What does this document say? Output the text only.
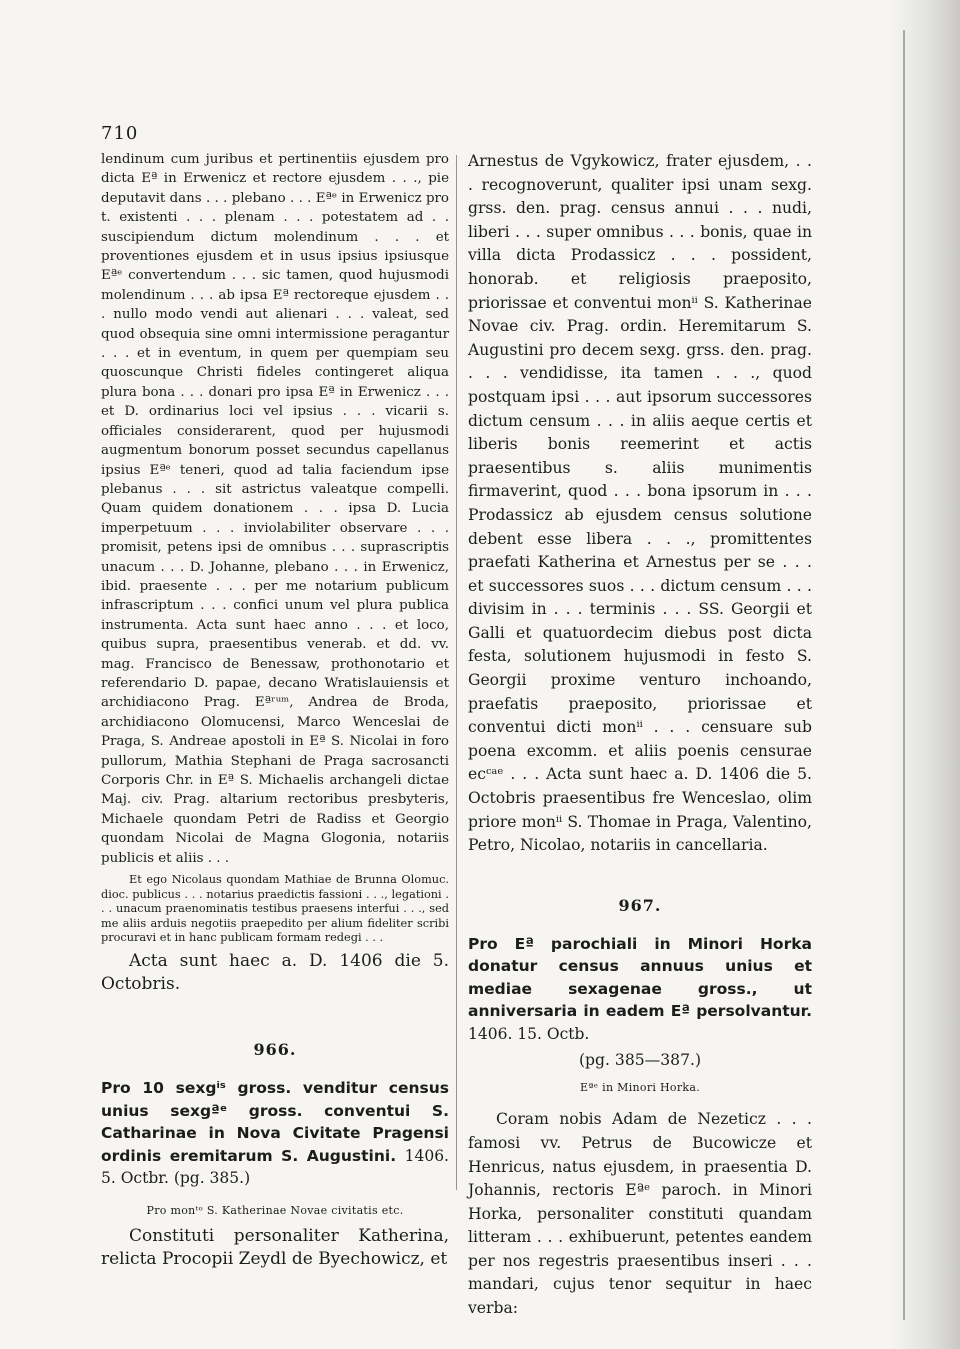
710

lendinum cum juribus et pertinentiis ejusdem pro dicta Eª in Erwenicz et rectore ejusdem . . ., pie deputavit dans . . . plebano . . . Eªᵉ in Erwenicz pro t. existenti . . . plenam . . . potestatem ad . . suscipiendum dictum molendinum . . . et proventiones ejusdem et in usus ipsius ipsiusque Eªᵉ convertendum . . . sic tamen, quod hujusmodi molendinum . . . ab ipsa Eª rectoreque ejusdem . . . nullo modo vendi aut alienari . . . valeat, sed quod obsequia sine omni intermissione peragantur . . . et in eventum, in quem per quempiam seu quoscunque Christi fideles contingeret aliqua plura bona . . . donari pro ipsa Eª in Erwenicz . . . et D. ordinarius loci vel ipsius . . . vicarii s. officiales considerarent, quod per hujusmodi augmentum bonorum posset secundus capellanus ipsius Eªᵉ teneri, quod ad talia faciendum ipse plebanus . . . sit astrictus valeatque compelli. Quam quidem donationem . . . ipsa D. Lucia imperpetuum . . . inviolabiliter observare . . . promisit, petens ipsi de omnibus . . . suprascriptis unacum . . . D. Johanne, plebano . . . in Erwenicz, ibid. praesente . . . per me notarium publicum infrascriptum . . . confici unum vel plura publica instrumenta. Acta sunt haec anno . . . et loco, quibus supra, praesentibus venerab. et dd. vv. mag. Francisco de Benessaw, prothonotario et referendario D. papae, decano Wratislauiensis et archidiacono Prag. Eªʳᵘᵐ, Andrea de Broda, archidiacono Olomucensi, Marco Wenceslai de Praga, S. Andreae apostoli in Eª S. Nicolai in foro pullorum, Mathia Stephani de Praga sacrosancti Corporis Chr. in Eª S. Michaelis archangeli dictae Maj. civ. Prag. altarium rectoribus presbyteris, Michaele quondam Petri de Radiss et Georgio quondam Nicolai de Magna Glogonia, notariis publicis et aliis . . .

Et ego Nicolaus quondam Mathiae de Brunna Olomuc. dioc. publicus . . . notarius praedictis fassioni . . ., legationi . . . unacum praenominatis testibus praesens interfui . . ., sed me aliis arduis negotiis praepedito per alium fideliter scribi procuravi et in hanc publicam formam redegi . . .

Acta sunt haec a. D. 1406 die 5. Octobris.

966.

Pro 10 sexgⁱˢ gross. venditur census unius sexgªᵉ gross. conventui S. Catharinae in Nova Civitate Pragensi ordinis eremitarum S. Augustini. 1406. 5. Octbr. (pg. 385.)

Pro monᵗᵒ S. Katherinae Novae civitatis etc.

Constituti personaliter Katherina, relicta Procopii Zeydl de Byechowicz, et

Arnestus de Vgykowicz, frater ejusdem, . . . recognoverunt, qualiter ipsi unam sexg. grss. den. prag. census annui . . . nudi, liberi . . . super omnibus . . . bonis, quae in villa dicta Prodassicz . . . possident, honorab. et religiosis praeposito, priorissae et conventui monⁱⁱ S. Katherinae Novae civ. Prag. ordin. Heremitarum S. Augustini pro decem sexg. grss. den. prag. . . . vendidisse, ita tamen . . ., quod postquam ipsi . . . aut ipsorum successores dictum censum . . . in aliis aeque certis et liberis bonis reemerint et actis praesentibus s. aliis munimentis firmaverint, quod . . . bona ipsorum in . . . Prodassicz ab ejusdem census solutione debent esse libera . . ., promittentes praefati Katherina et Arnestus per se . . . et successores suos . . . dictum censum . . . divisim in . . . terminis . . . SS. Georgii et Galli et quatuordecim diebus post dicta festa, solutionem hujusmodi in festo S. Georgii proxime venturo inchoando, praefatis praeposito, priorissae et conventui dicti monⁱⁱ . . . censuare sub poena excomm. et aliis poenis censurae ecᶜᵃᵉ . . . Acta sunt haec a. D. 1406 die 5. Octobris praesentibus fre Wenceslao, olim priore monⁱⁱ S. Thomae in Praga, Valentino, Petro, Nicolao, notariis in cancellaria.

967.

Pro Eª parochiali in Minori Horka donatur census annuus unius et mediae sexagenae gross., ut anniversaria in eadem Eª persolvantur. 1406. 15. Octb.

(pg. 385—387.)
Eªᵉ in Minori Horka.

Coram nobis Adam de Nezeticz . . . famosi vv. Petrus de Bucowicze et Henricus, natus ejusdem, in praesentia D. Johannis, rectoris Eªᵉ paroch. in Minori Horka, personaliter constituti quandam litteram . . . exhibuerunt, petentes eandem per nos regestris praesentibus inseri . . . mandari, cujus tenor sequitur in haec verba:
